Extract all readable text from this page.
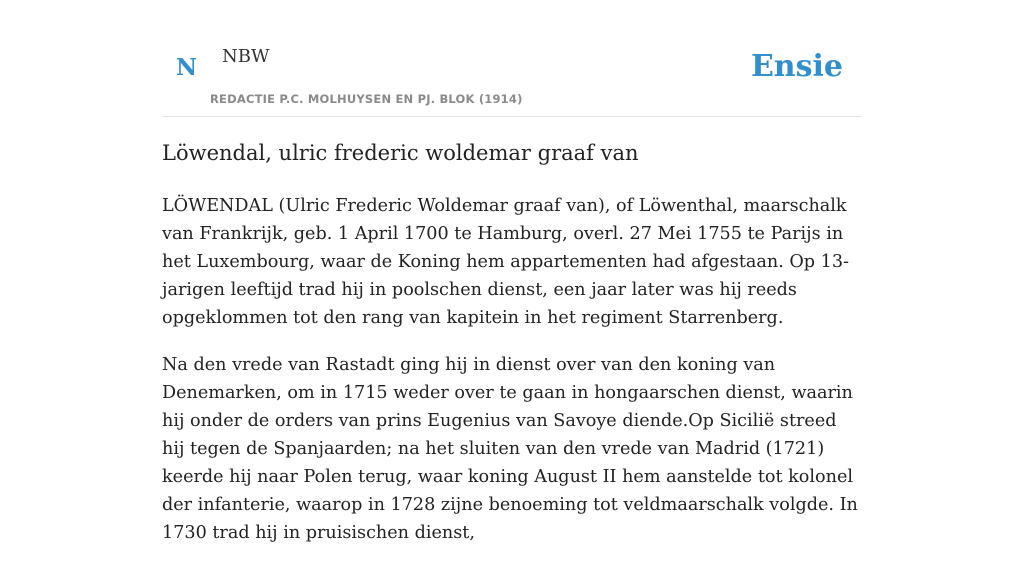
N NBW
REDACTIE P.C. MOLHUYSEN EN PJ. BLOK (1914)
Ensie
Löwendal, ulric frederic woldemar graaf van

LÖWENDAL (Ulric Frederic Woldemar graaf van), of Löwenthal, maarschalk van Frankrijk, geb. 1 April 1700 te Hamburg, overl. 27 Mei 1755 te Parijs in het Luxembourg, waar de Koning hem appartementen had afgestaan. Op 13-jarigen leeftijd trad hij in poolschen dienst, een jaar later was hij reeds opgeklommen tot den rang van kapitein in het regiment Starrenberg.

Na den vrede van Rastadt ging hij in dienst over van den koning van Denemarken, om in 1715 weder over te gaan in hongaarschen dienst, waarin hij onder de orders van prins Eugenius van Savoye diende.Op Sicilië streed hij tegen de Spanjaarden; na het sluiten van den vrede van Madrid (1721) keerde hij naar Polen terug, waar koning August II hem aanstelde tot kolonel der infanterie, waarop in 1728 zijne benoeming tot veldmaarschalk volgde. In 1730 trad hij in pruisischen dienst,
